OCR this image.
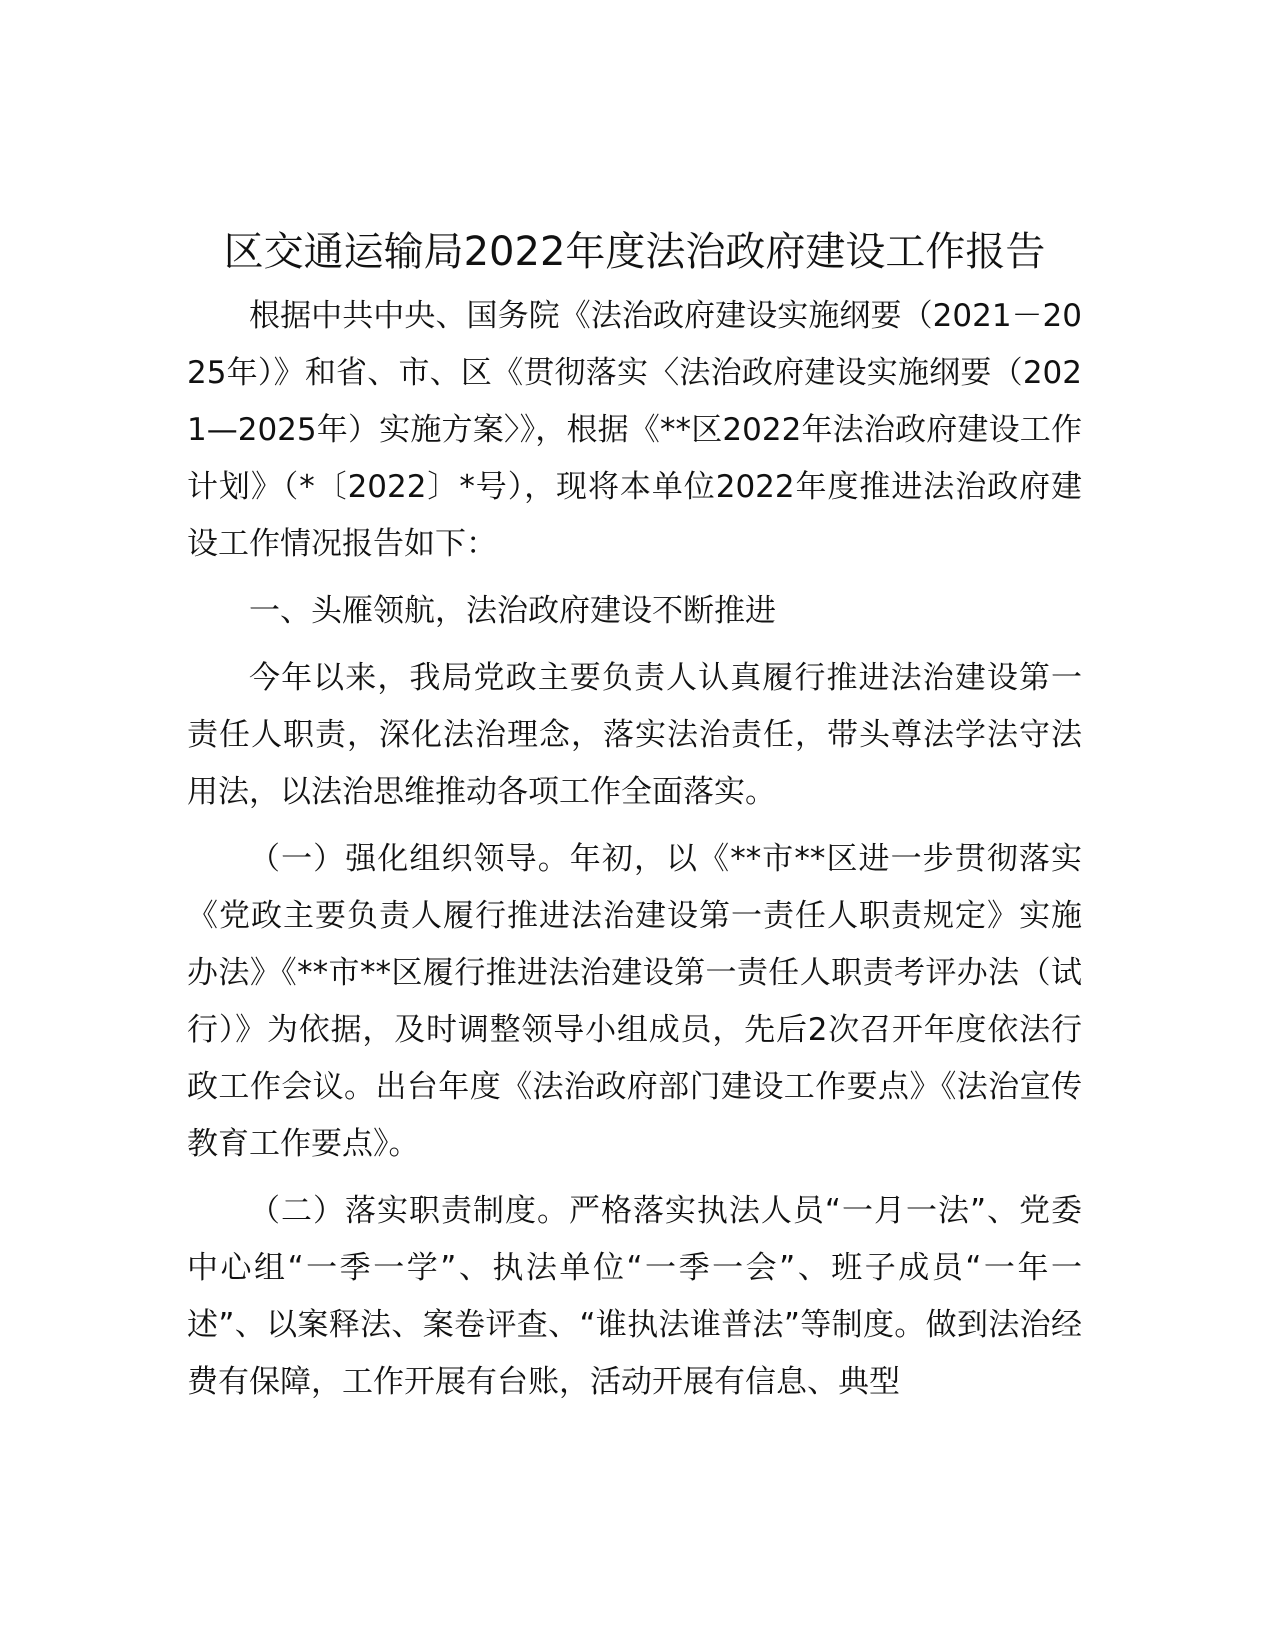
区交通运输局2022年度法治政府建设工作报告

根据中共中央、国务院《法治政府建设实施纲要（2021－2025年）》和省、市、区《贯彻落实〈法治政府建设实施纲要（2021—2025年）实施方案〉》，根据《**区2022年法治政府建设工作计划》（*〔2022〕*号），现将本单位2022年度推进法治政府建设工作情况报告如下：

一、头雁领航，法治政府建设不断推进

今年以来，我局党政主要负责人认真履行推进法治建设第一责任人职责，深化法治理念，落实法治责任，带头尊法学法守法用法，以法治思维推动各项工作全面落实。

（一）强化组织领导。年初，以《**市**区进一步贯彻落实《党政主要负责人履行推进法治建设第一责任人职责规定》实施办法》《**市**区履行推进法治建设第一责任人职责考评办法（试行）》为依据，及时调整领导小组成员，先后2次召开年度依法行政工作会议。出台年度《法治政府部门建设工作要点》《法治宣传教育工作要点》。

（二）落实职责制度。严格落实执法人员“一月一法”、党委中心组“一季一学”、执法单位“一季一会”、班子成员“一年一述”、以案释法、案卷评查、“谁执法谁普法”等制度。做到法治经费有保障，工作开展有台账，活动开展有信息、典型
